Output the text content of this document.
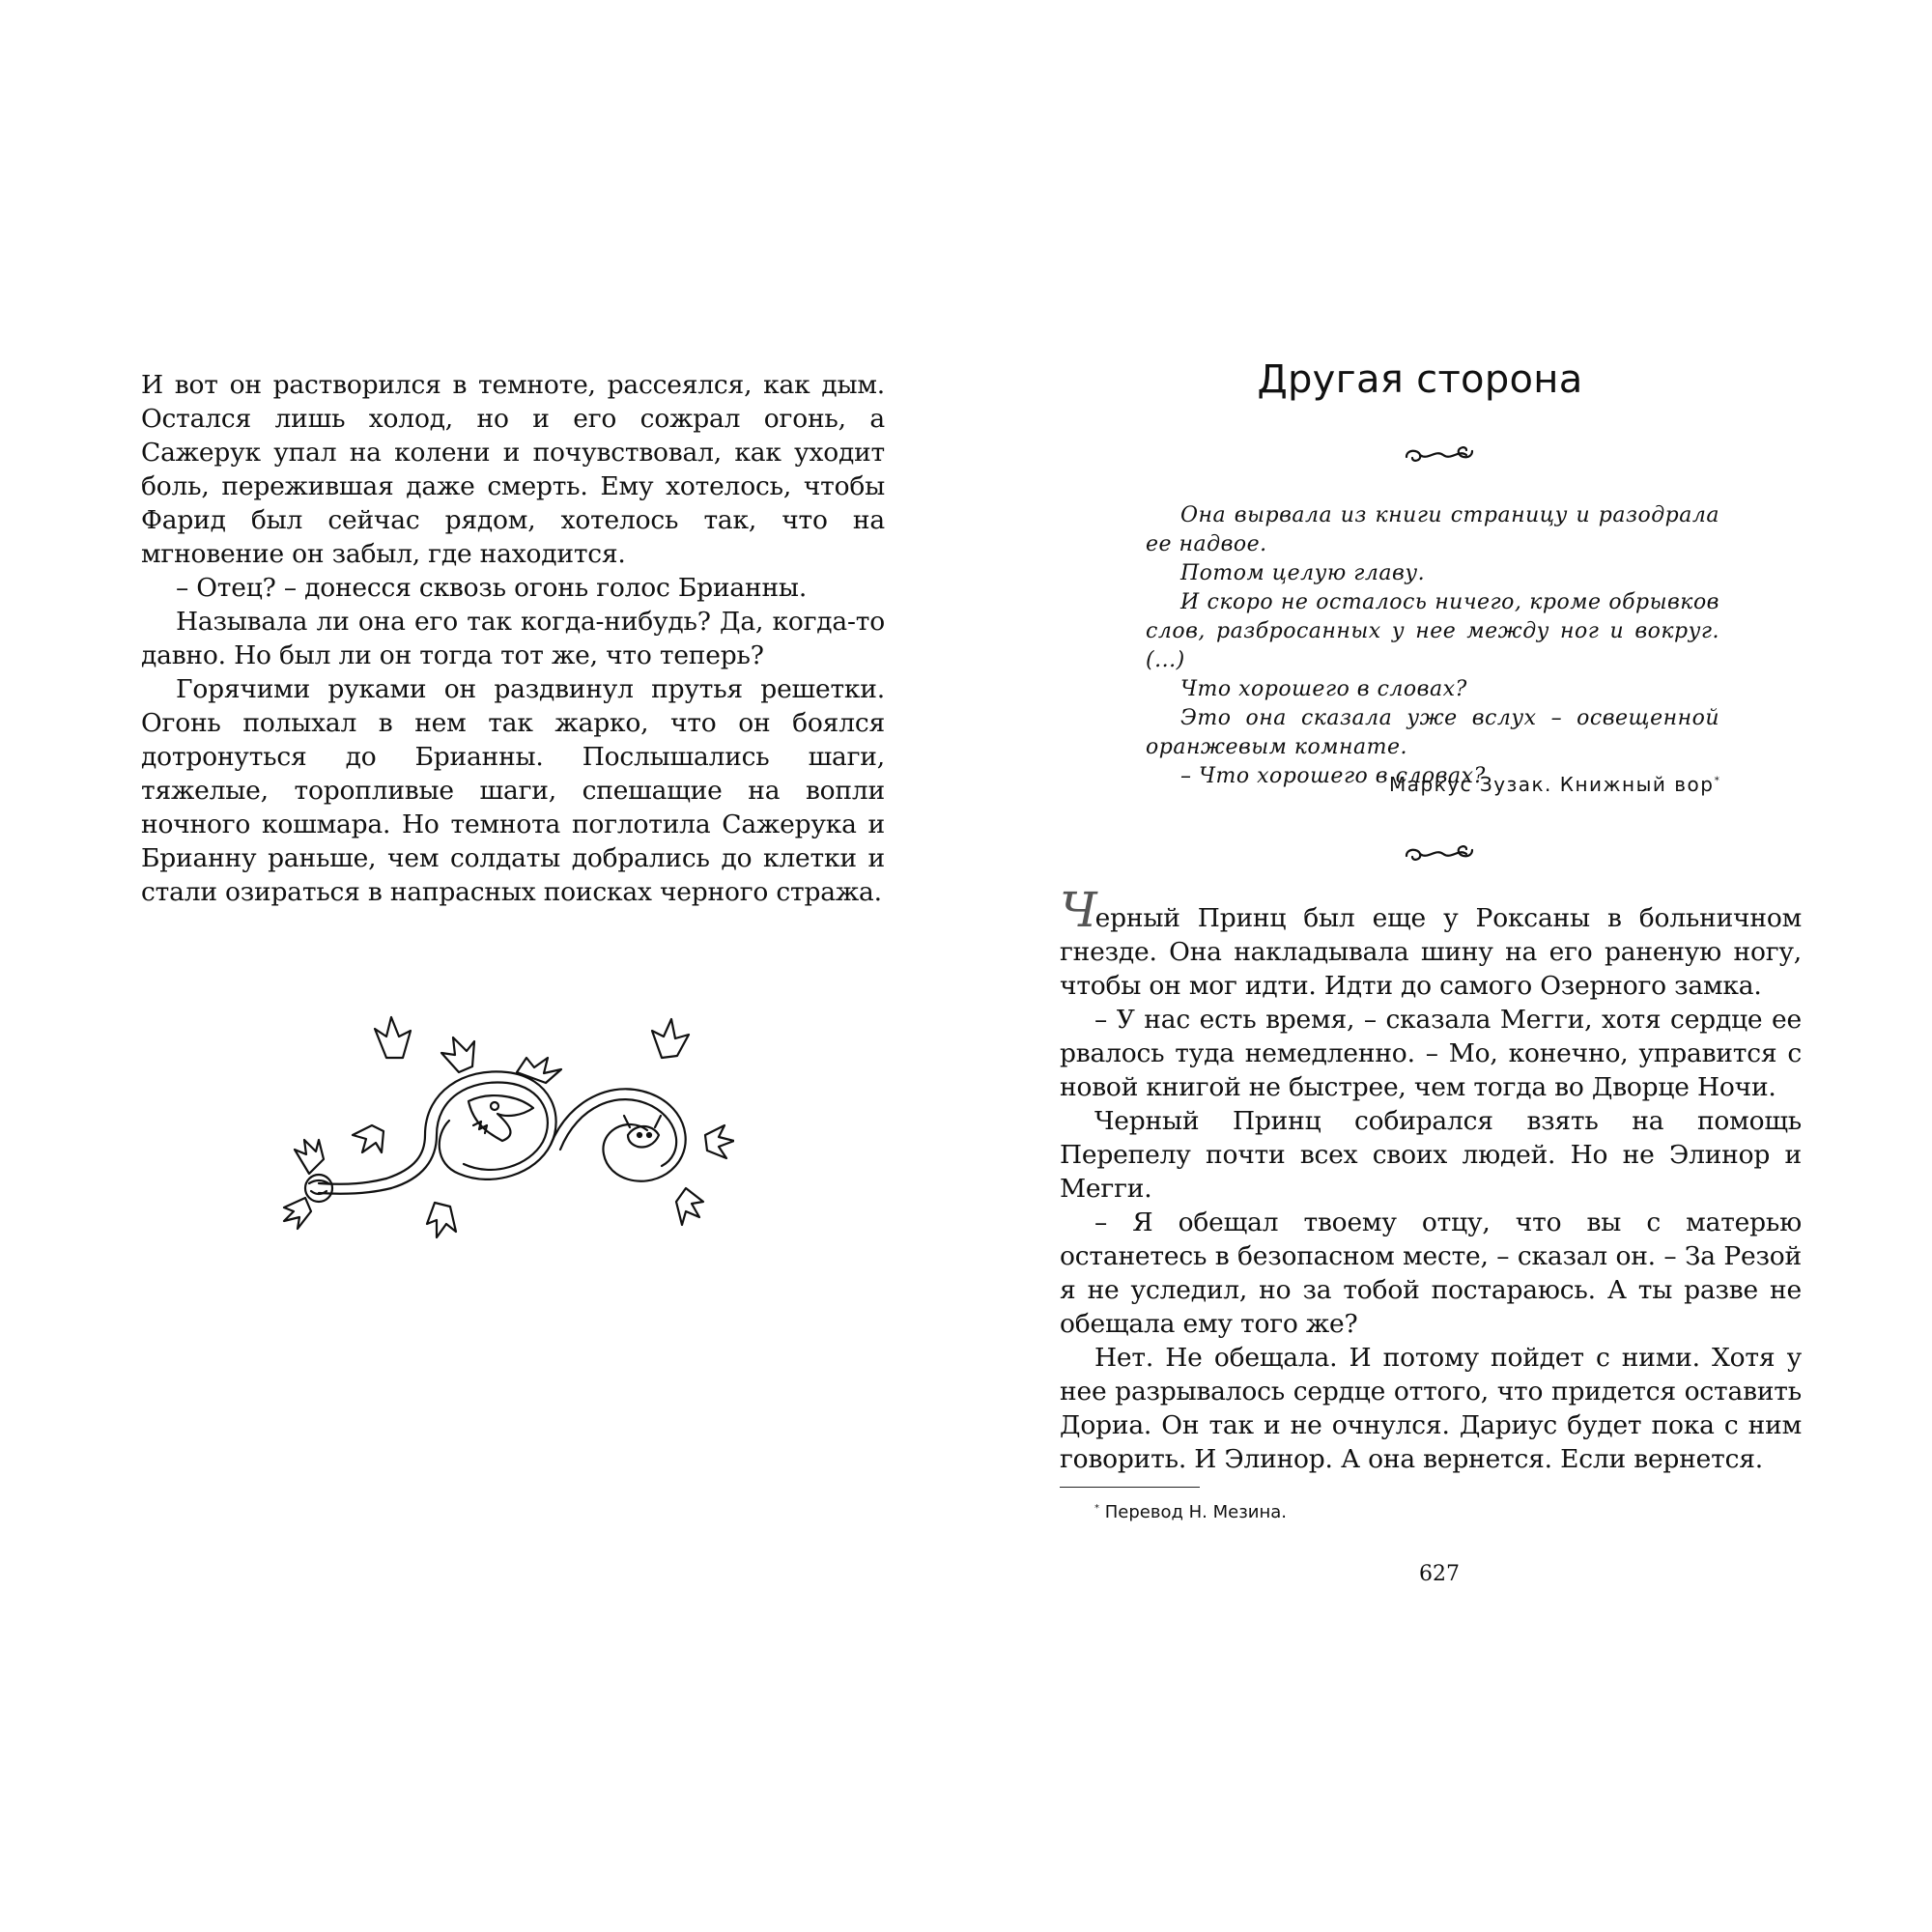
И вот он растворился в темноте, рассеялся, как дым. Остался лишь холод, но и его сожрал огонь, а Сажерук упал на колени и почувствовал, как уходит боль, пережившая даже смерть. Ему хотелось, чтобы Фарид был сейчас рядом, хотелось так, что на мгновение он забыл, где находится.

– Отец? – донесся сквозь огонь голос Брианны.

Называла ли она его так когда-нибудь? Да, когда-то давно. Но был ли он тогда тот же, что теперь?

Горячими руками он раздвинул прутья решетки. Огонь полыхал в нем так жарко, что он боялся дотронуться до Брианны. Послышались шаги, тяжелые, торопливые шаги, спешащие на вопли ночного кошмара. Но темнота поглотила Сажерука и Брианну раньше, чем солдаты добрались до клетки и стали озираться в напрасных поисках черного стража.

Другая сторона

Она вырвала из книги страницу и разодрала ее надвое.

Потом целую главу.

И скоро не осталось ничего, кроме обрывков слов, разбросанных у нее между ног и вокруг. (...)

Что хорошего в словах?

Это она сказала уже вслух – освещенной оранжевым комнате.

– Что хорошего в словах?

Маркус Зузак. Книжный вор*

Черный Принц был еще у Роксаны в больничном гнезде. Она накладывала шину на его раненую ногу, чтобы он мог идти. Идти до самого Озерного замка.

– У нас есть время, – сказала Мегги, хотя сердце ее рвалось туда немедленно. – Мо, конечно, управится с новой книгой не быстрее, чем тогда во Дворце Ночи.

Черный Принц собирался взять на помощь Перепелу почти всех своих людей. Но не Элинор и Мегги.

– Я обещал твоему отцу, что вы с матерью останетесь в безопасном месте, – сказал он. – За Резой я не уследил, но за тобой постараюсь. А ты разве не обещала ему того же?

Нет. Не обещала. И потому пойдет с ними. Хотя у нее разрывалось сердце оттого, что придется оставить Дориа. Он так и не очнулся. Дариус будет пока с ним говорить. И Элинор. А она вернется. Если вернется.

* Перевод Н. Мезина.
627
